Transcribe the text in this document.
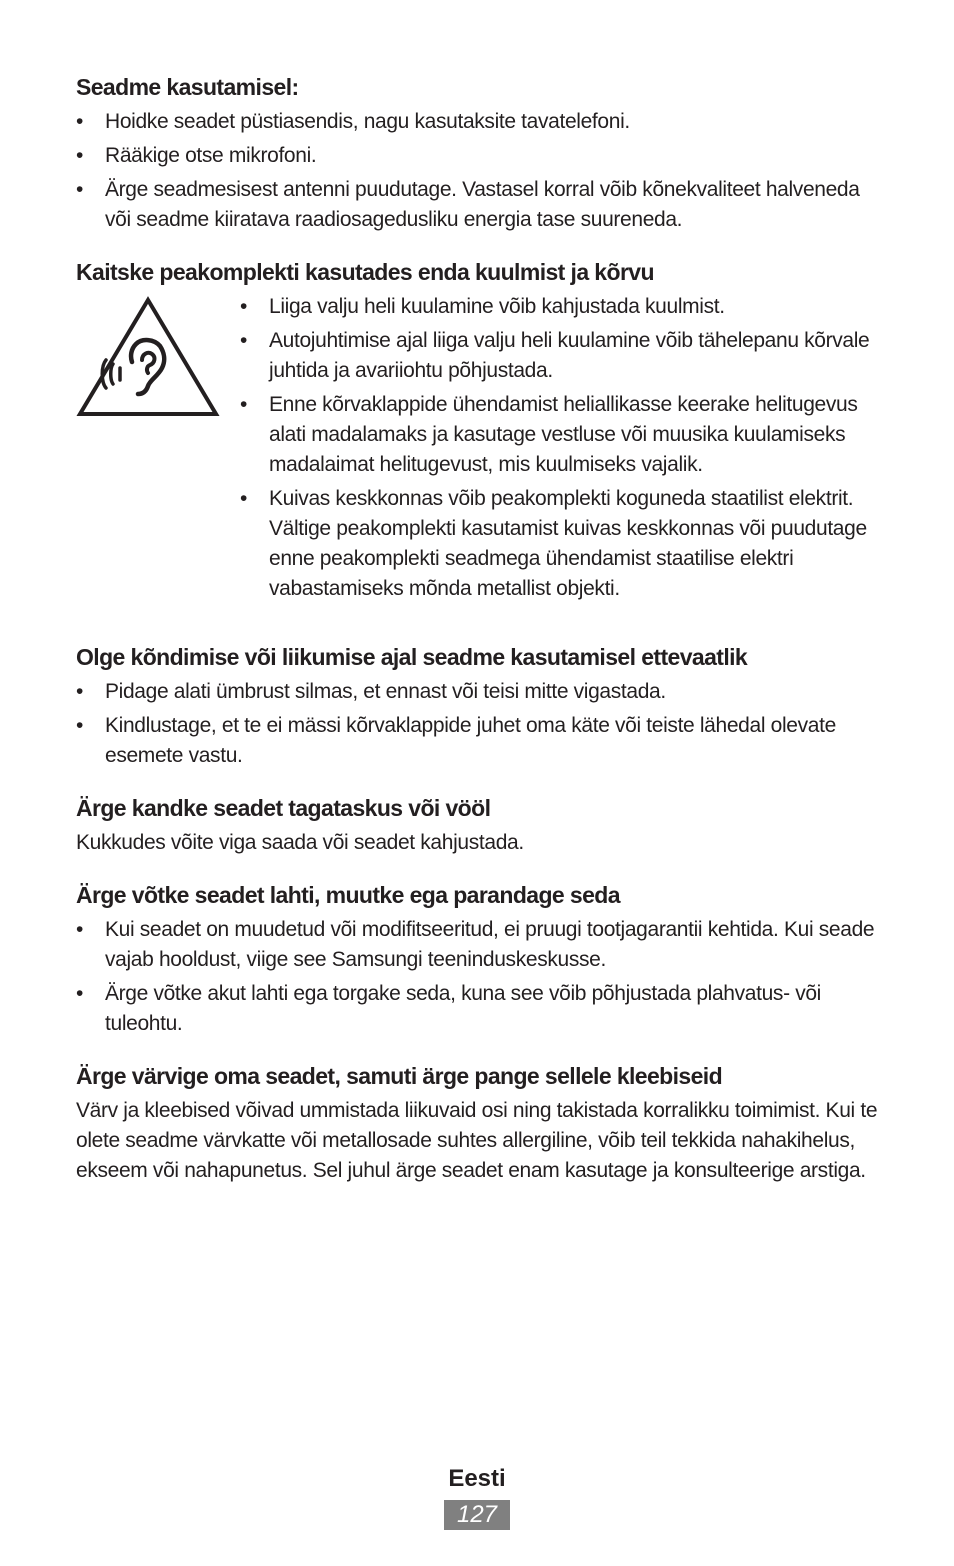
Seadme kasutamisel:
• Hoidke seadet püstiasendis, nagu kasutaksite tavatelefoni.
• Rääkige otse mikrofoni.
• Ärge seadmesisest antenni puudutage. Vastasel korral võib kõnekvaliteet halveneda või seadme kiiratava raadiosagedusliku energia tase suureneda.
Kaitske peakomplekti kasutades enda kuulmist ja kõrvu
• Liiga valju heli kuulamine võib kahjustada kuulmist.
• Autojuhtimise ajal liiga valju heli kuulamine võib tähelepanu kõrvale juhtida ja avariiohtu põhjustada.
• Enne kõrvaklappide ühendamist heliallikasse keerake helitugevus alati madalamaks ja kasutage vestluse või muusika kuulamiseks madalaimat helitugevust, mis kuulmiseks vajalik.
• Kuivas keskkonnas võib peakomplekti koguneda staatilist elektrit. Vältige peakomplekti kasutamist kuivas keskkonnas või puudutage enne peakomplekti seadmega ühendamist staatilise elektri vabastamiseks mõnda metallist objekti.
Olge kõndimise või liikumise ajal seadme kasutamisel ettevaatlik
• Pidage alati ümbrust silmas, et ennast või teisi mitte vigastada.
• Kindlustage, et te ei mässi kõrvaklappide juhet oma käte või teiste lähedal olevate esemete vastu.
Ärge kandke seadet tagataskus või vööl

Kukkudes võite viga saada või seadet kahjustada.

Ärge võtke seadet lahti, muutke ega parandage seda
• Kui seadet on muudetud või modifitseeritud, ei pruugi tootjagarantii kehtida. Kui seade vajab hooldust, viige see Samsungi teeninduskeskusse.
• Ärge võtke akut lahti ega torgake seda, kuna see võib põhjustada plahvatus- või tuleohtu.
Ärge värvige oma seadet, samuti ärge pange sellele kleebiseid

Värv ja kleebised võivad ummistada liikuvaid osi ning takistada korralikku toimimist. Kui te olete seadme värvkatte või metallosade suhtes allergiline, võib teil tekkida nahakihelus, ekseem või nahapunetus. Sel juhul ärge seadet enam kasutage ja konsulteerige arstiga.

Eesti
127
